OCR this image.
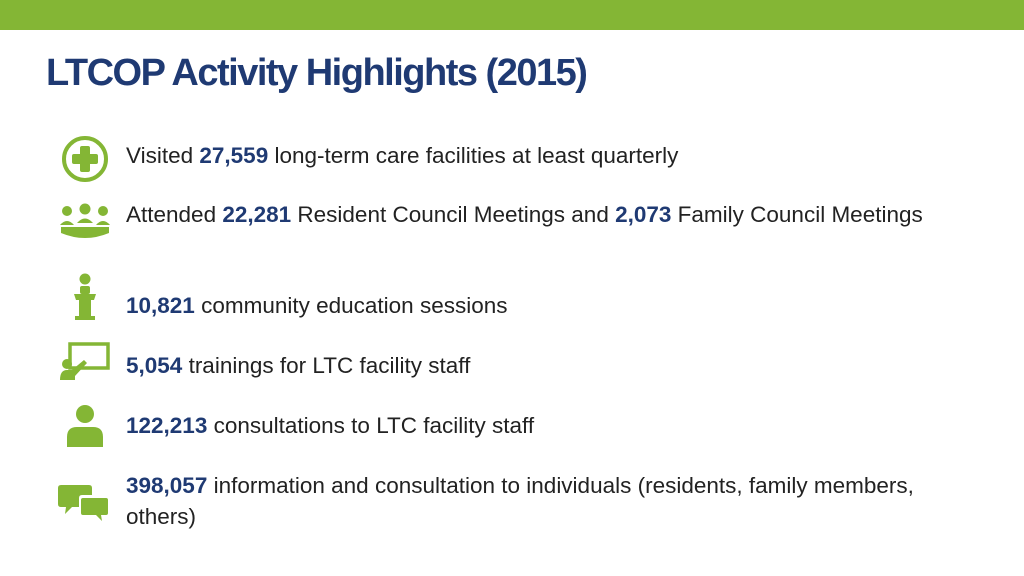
LTCOP Activity Highlights (2015)
Visited 27,559 long-term care facilities at least quarterly
Attended 22,281 Resident Council Meetings and 2,073 Family Council Meetings
10,821 community education sessions
5,054 trainings for LTC facility staff
122,213 consultations to LTC facility staff
398,057 information and consultation to individuals (residents, family members, others)
